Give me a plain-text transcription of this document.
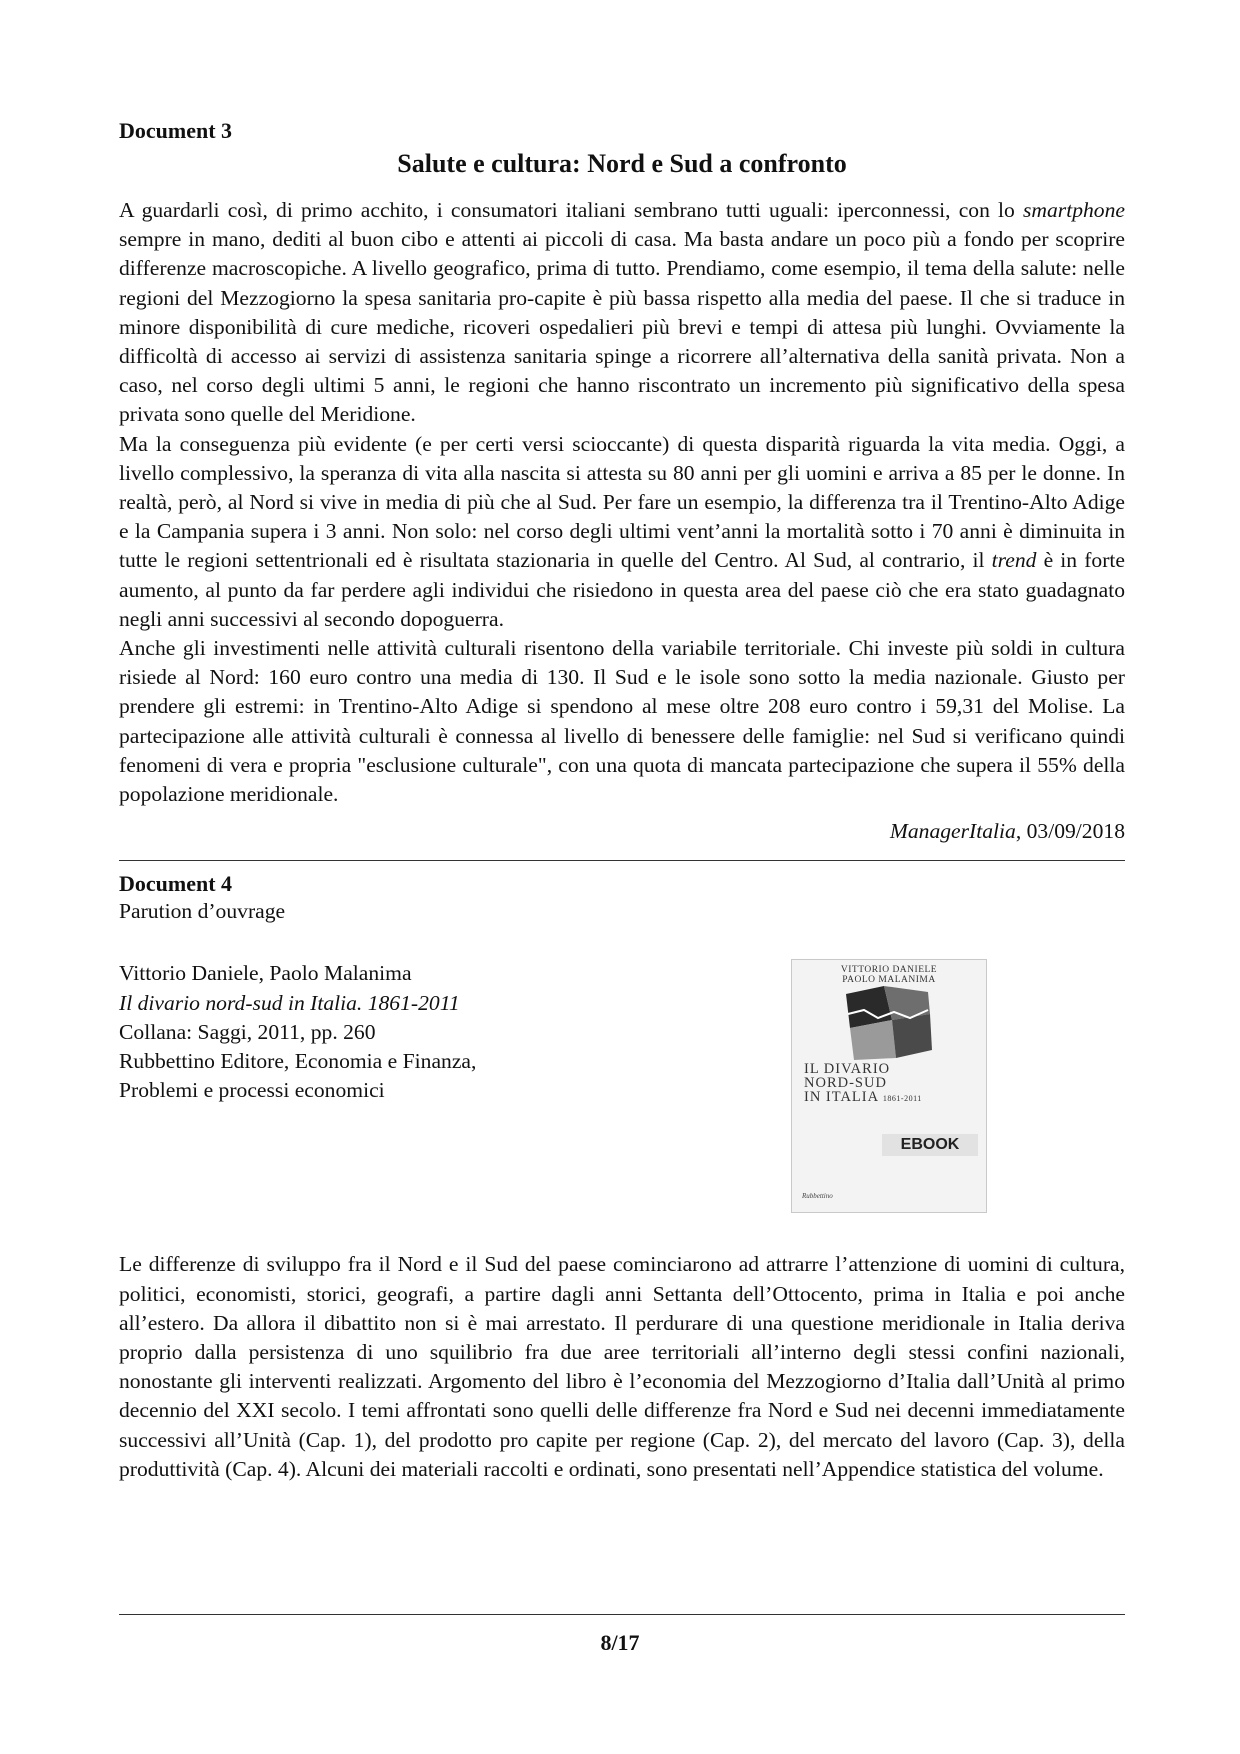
Document 3

Salute e cultura: Nord e Sud a confronto

A guardarli così, di primo acchito, i consumatori italiani sembrano tutti uguali: iperconnessi, con lo smartphone sempre in mano, dediti al buon cibo e attenti ai piccoli di casa. Ma basta andare un poco più a fondo per scoprire differenze macroscopiche. A livello geografico, prima di tutto. Prendiamo, come esempio, il tema della salute: nelle regioni del Mezzogiorno la spesa sanitaria pro-capite è più bassa rispetto alla media del paese. Il che si traduce in minore disponibilità di cure mediche, ricoveri ospedalieri più brevi e tempi di attesa più lunghi. Ovviamente la difficoltà di accesso ai servizi di assistenza sanitaria spinge a ricorrere all’alternativa della sanità privata. Non a caso, nel corso degli ultimi 5 anni, le regioni che hanno riscontrato un incremento più significativo della spesa privata sono quelle del Meridione.

Ma la conseguenza più evidente (e per certi versi scioccante) di questa disparità riguarda la vita media. Oggi, a livello complessivo, la speranza di vita alla nascita si attesta su 80 anni per gli uomini e arriva a 85 per le donne. In realtà, però, al Nord si vive in media di più che al Sud. Per fare un esempio, la differenza tra il Trentino-Alto Adige e la Campania supera i 3 anni. Non solo: nel corso degli ultimi vent’anni la mortalità sotto i 70 anni è diminuita in tutte le regioni settentrionali ed è risultata stazionaria in quelle del Centro. Al Sud, al contrario, il trend è in forte aumento, al punto da far perdere agli individui che risiedono in questa area del paese ciò che era stato guadagnato negli anni successivi al secondo dopoguerra.

Anche gli investimenti nelle attività culturali risentono della variabile territoriale. Chi investe più soldi in cultura risiede al Nord: 160 euro contro una media di 130. Il Sud e le isole sono sotto la media nazionale. Giusto per prendere gli estremi: in Trentino-Alto Adige si spendono al mese oltre 208 euro contro i 59,31 del Molise. La partecipazione alle attività culturali è connessa al livello di benessere delle famiglie: nel Sud si verificano quindi fenomeni di vera e propria "esclusione culturale", con una quota di mancata partecipazione che supera il 55% della popolazione meridionale.

ManagerItalia, 03/09/2018

Document 4

Parution d’ouvrage

Vittorio Daniele, Paolo Malanima
Il divario nord-sud in Italia. 1861-2011
Collana: Saggi, 2011, pp. 260
Rubbettino Editore, Economia e Finanza,
Problemi e processi economici
VITTORIO DANIELE
PAOLO MALANIMA
IL DIVARIO
NORD-SUD
IN ITALIA 1861-2011
EBOOK
Rubbettino

Le differenze di sviluppo fra il Nord e il Sud del paese cominciarono ad attrarre l’attenzione di uomini di cultura, politici, economisti, storici, geografi, a partire dagli anni Settanta dell’Ottocento, prima in Italia e poi anche all’estero. Da allora il dibattito non si è mai arrestato. Il perdurare di una questione meridionale in Italia deriva proprio dalla persistenza di uno squilibrio fra due aree territoriali all’interno degli stessi confini nazionali, nonostante gli interventi realizzati. Argomento del libro è l’economia del Mezzogiorno d’Italia dall’Unità al primo decennio del XXI secolo. I temi affrontati sono quelli delle differenze fra Nord e Sud nei decenni immediatamente successivi all’Unità (Cap. 1), del prodotto pro capite per regione (Cap. 2), del mercato del lavoro (Cap. 3), della produttività (Cap. 4). Alcuni dei materiali raccolti e ordinati, sono presentati nell’Appendice statistica del volume.

8/17
